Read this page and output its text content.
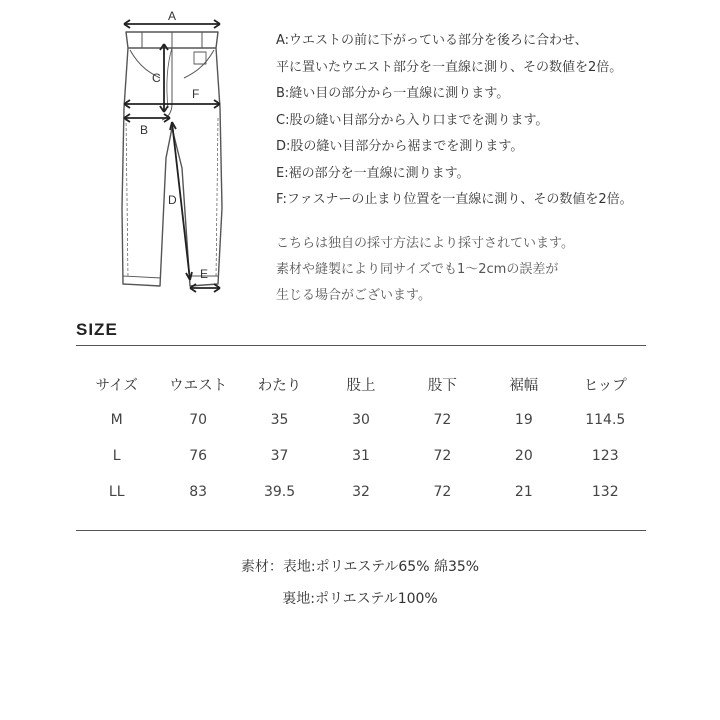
A
C
F
B
D
E
A:ウエストの前に下がっている部分を後ろに合わせ、
平に置いたウエスト部分を一直線に測り、その数値を2倍。
B:縫い目の部分から一直線に測ります。
C:股の縫い目部分から入り口までを測ります。
D:股の縫い目部分から裾までを測ります。
E:裾の部分を一直線に測ります。
F:ファスナーの止まり位置を一直線に測り、その数値を2倍。
こちらは独自の採寸方法により採寸されています。
素材や縫製により同サイズでも1～2cmの誤差が
生じる場合がございます。
SIZE
サイズ	ウエスト	わたり	股上	股下	裾幅	ヒップ
M	70	35	30	72	19	114.5
L	76	37	31	72	20	123
LL	83	39.5	32	72	21	132
素材：表地:ポリエステル65% 綿35%
裏地:ポリエステル100%
